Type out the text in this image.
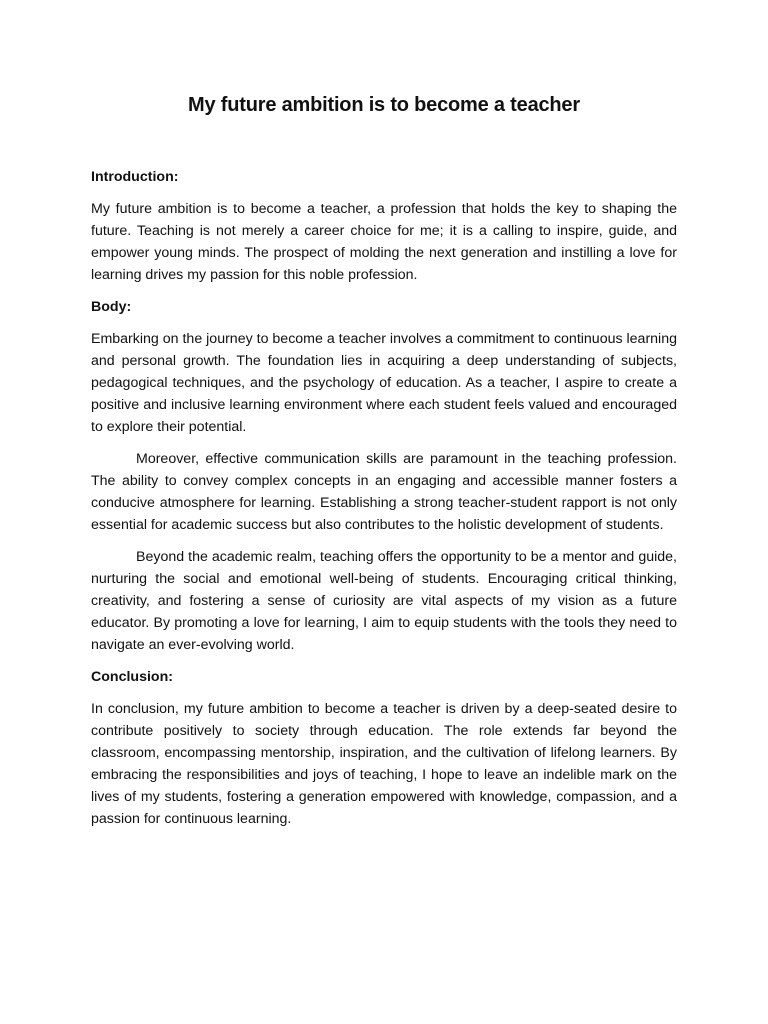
My future ambition is to become a teacher
Introduction:

My future ambition is to become a teacher, a profession that holds the key to shaping the future. Teaching is not merely a career choice for me; it is a calling to inspire, guide, and empower young minds. The prospect of molding the next generation and instilling a love for learning drives my passion for this noble profession.

Body:

Embarking on the journey to become a teacher involves a commitment to continuous learning and personal growth. The foundation lies in acquiring a deep understanding of subjects, pedagogical techniques, and the psychology of education. As a teacher, I aspire to create a positive and inclusive learning environment where each student feels valued and encouraged to explore their potential.

Moreover, effective communication skills are paramount in the teaching profession. The ability to convey complex concepts in an engaging and accessible manner fosters a conducive atmosphere for learning. Establishing a strong teacher-student rapport is not only essential for academic success but also contributes to the holistic development of students.

Beyond the academic realm, teaching offers the opportunity to be a mentor and guide, nurturing the social and emotional well-being of students. Encouraging critical thinking, creativity, and fostering a sense of curiosity are vital aspects of my vision as a future educator. By promoting a love for learning, I aim to equip students with the tools they need to navigate an ever-evolving world.

Conclusion:

In conclusion, my future ambition to become a teacher is driven by a deep-seated desire to contribute positively to society through education. The role extends far beyond the classroom, encompassing mentorship, inspiration, and the cultivation of lifelong learners. By embracing the responsibilities and joys of teaching, I hope to leave an indelible mark on the lives of my students, fostering a generation empowered with knowledge, compassion, and a passion for continuous learning.
